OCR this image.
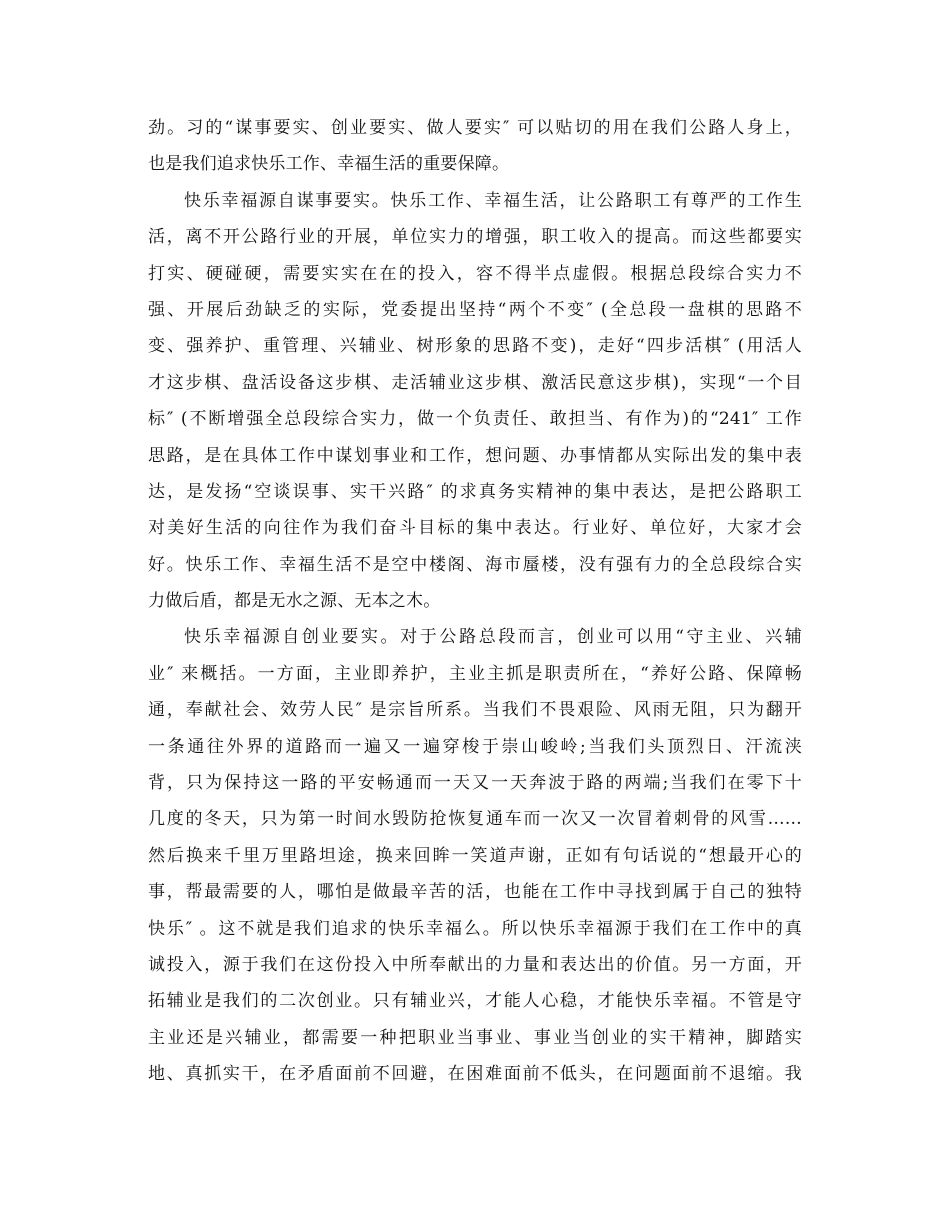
劲。习的“谋事要实、创业要实、做人要实″ 可以贴切的用在我们公路人身上，
也是我们追求快乐工作、幸福生活的重要保障。
快乐幸福源自谋事要实。快乐工作、幸福生活，让公路职工有尊严的工作生
活，离不开公路行业的开展，单位实力的增强，职工收入的提高。而这些都要实
打实、硬碰硬，需要实实在在的投入，容不得半点虚假。根据总段综合实力不
强、开展后劲缺乏的实际，党委提出坚持“两个不变″ (全总段一盘棋的思路不
变、强养护、重管理、兴辅业、树形象的思路不变)，走好“四步活棋″ (用活人
才这步棋、盘活设备这步棋、走活辅业这步棋、激活民意这步棋)，实现“一个目
标″ (不断增强全总段综合实力，做一个负责任、敢担当、有作为)的“241″ 工作
思路，是在具体工作中谋划事业和工作，想问题、办事情都从实际出发的集中表
达，是发扬“空谈误事、实干兴路″ 的求真务实精神的集中表达，是把公路职工
对美好生活的向往作为我们奋斗目标的集中表达。行业好、单位好，大家才会
好。快乐工作、幸福生活不是空中楼阁、海市蜃楼，没有强有力的全总段综合实
力做后盾，都是无水之源、无本之木。
快乐幸福源自创业要实。对于公路总段而言，创业可以用“守主业、兴辅
业″ 来概括。一方面，主业即养护，主业主抓是职责所在，“养好公路、保障畅
通，奉献社会、效劳人民″ 是宗旨所系。当我们不畏艰险、风雨无阻，只为翻开
一条通往外界的道路而一遍又一遍穿梭于崇山峻岭;当我们头顶烈日、汗流浃
背，只为保持这一路的平安畅通而一天又一天奔波于路的两端;当我们在零下十
几度的冬天，只为第一时间水毁防抢恢复通车而一次又一次冒着刺骨的风雪……
然后换来千里万里路坦途，换来回眸一笑道声谢，正如有句话说的“想最开心的
事，帮最需要的人，哪怕是做最辛苦的活，也能在工作中寻找到属于自己的独特
快乐″ 。这不就是我们追求的快乐幸福么。所以快乐幸福源于我们在工作中的真
诚投入，源于我们在这份投入中所奉献出的力量和表达出的价值。另一方面，开
拓辅业是我们的二次创业。只有辅业兴，才能人心稳，才能快乐幸福。不管是守
主业还是兴辅业，都需要一种把职业当事业、事业当创业的实干精神，脚踏实
地、真抓实干，在矛盾面前不回避，在困难面前不低头，在问题面前不退缩。我
